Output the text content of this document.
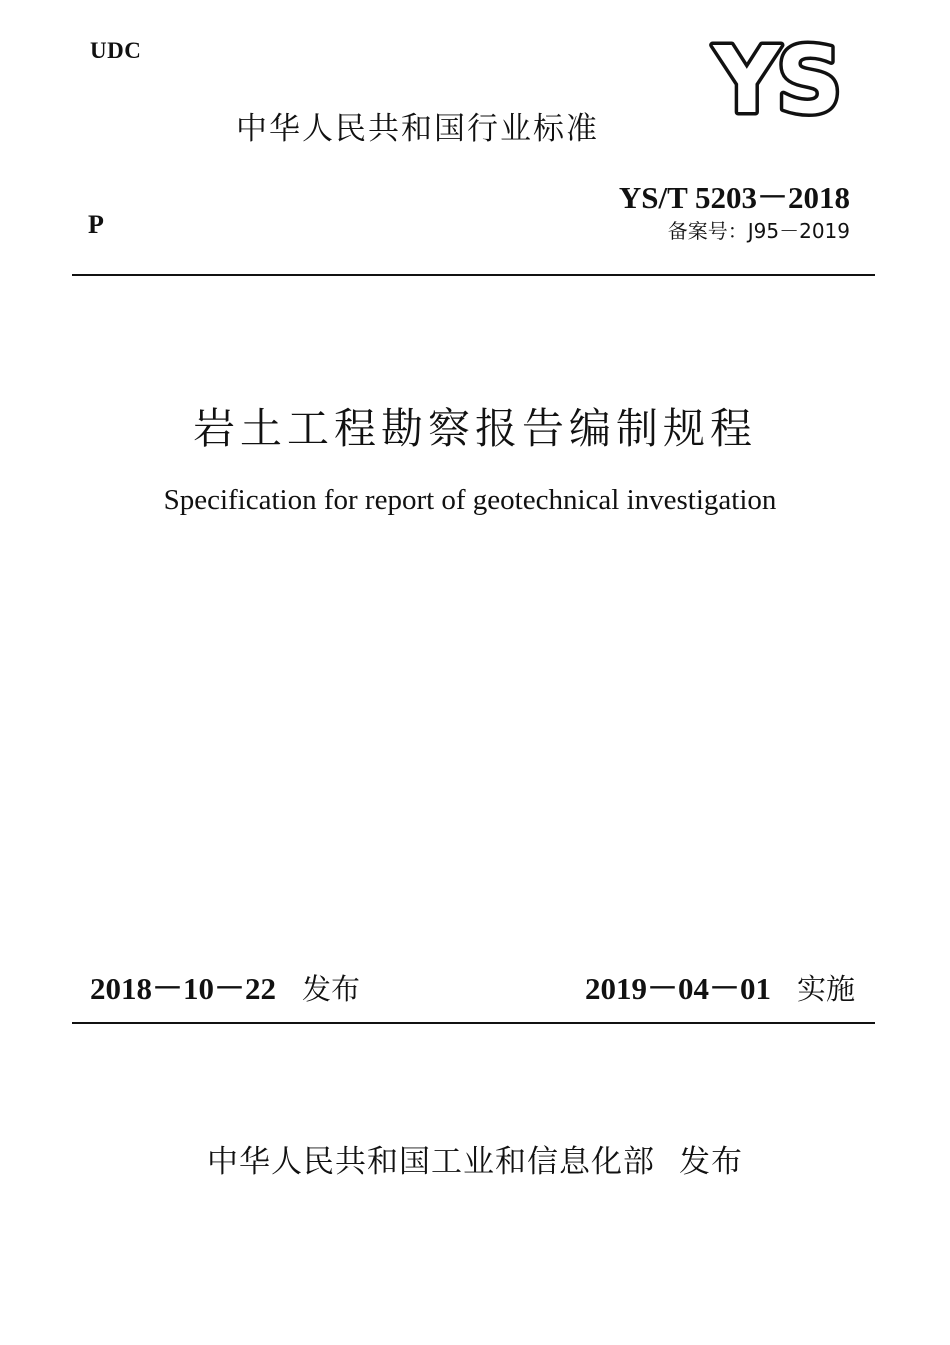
UDC	YS
中华人民共和国行业标准
YS/T 5203－2018
P	备案号：J95－2019
岩土工程勘察报告编制规程
Specification for report of geotechnical investigation
2018－10－22 发布	2019－04－01 实施
中华人民共和国工业和信息化部 发布
